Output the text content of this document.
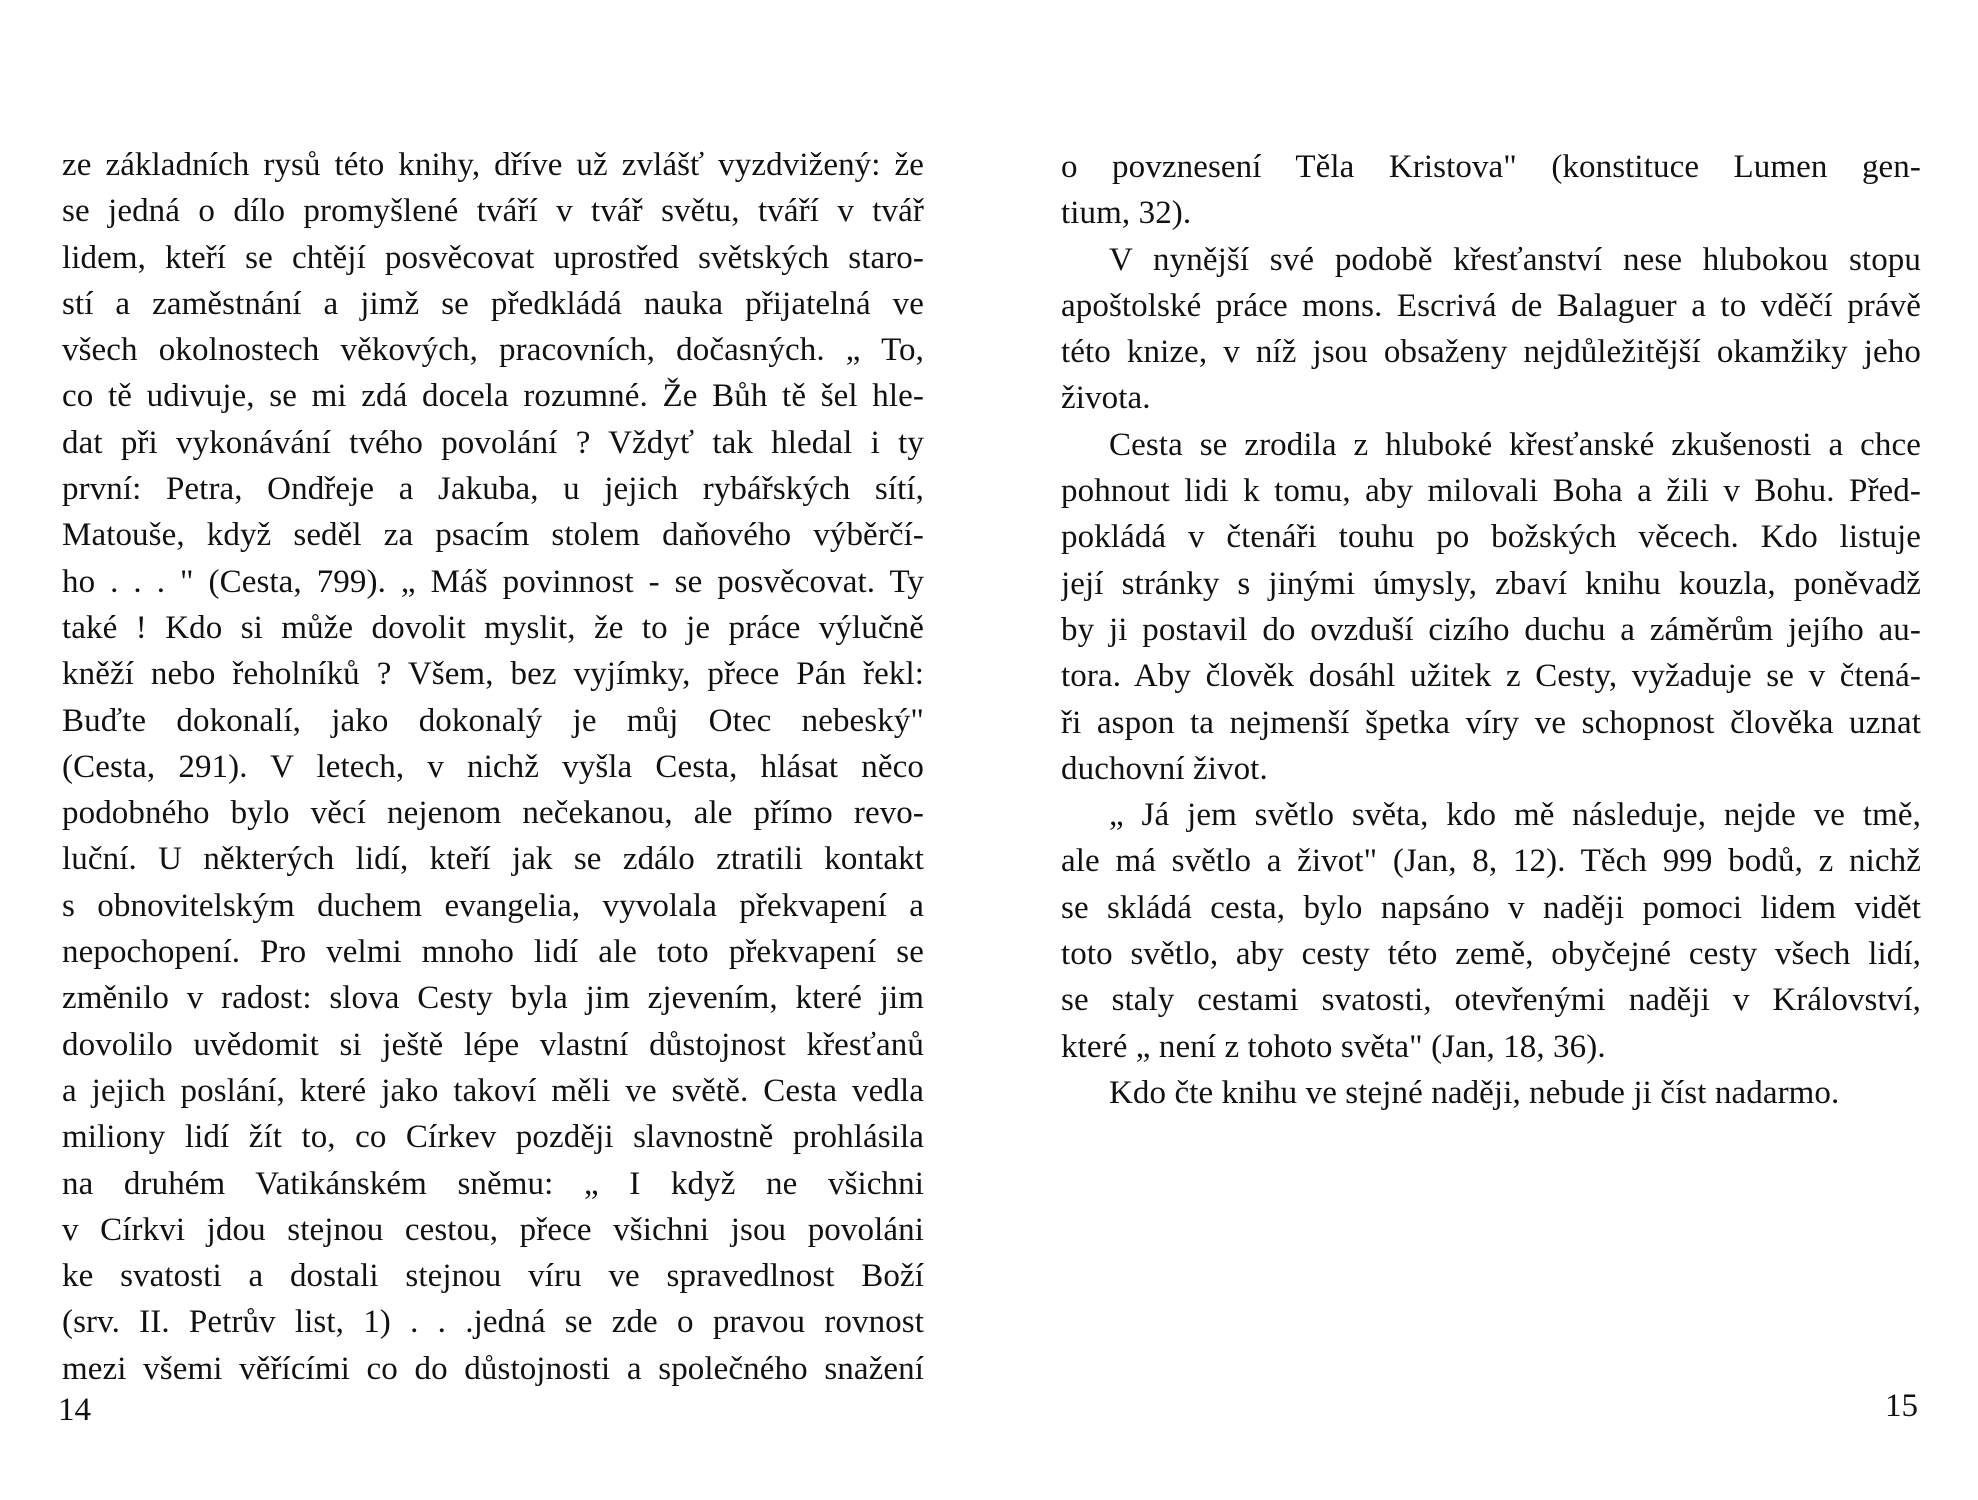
ze základních rysů této knihy, dříve už zvlášť vyzdvižený: že
se jedná o dílo promyšlené tváří v tvář světu, tváří v tvář
lidem, kteří se chtějí posvěcovat uprostřed světských staro-
stí a zaměstnání a jimž se předkládá nauka přijatelná ve
všech okolnostech věkových, pracovních, dočasných. „ To,
co tě udivuje, se mi zdá docela rozumné. Že Bůh tě šel hle-
dat při vykonávání tvého povolání ? Vždyť tak hledal i ty
první: Petra, Ondřeje a Jakuba, u jejich rybářských sítí,
Matouše, když seděl za psacím stolem daňového výběrčí-
ho . . . " (Cesta, 799). „ Máš povinnost - se posvěcovat. Ty
také ! Kdo si může dovolit myslit, že to je práce výlučně
kněží nebo řeholníků ? Všem, bez vyjímky, přece Pán řekl:
Buďte dokonalí, jako dokonalý je můj Otec nebeský"
(Cesta, 291). V letech, v nichž vyšla Cesta, hlásat něco
podobného bylo věcí nejenom nečekanou, ale přímo revo-
luční. U některých lidí, kteří jak se zdálo ztratili kontakt
s obnovitelským duchem evangelia, vyvolala překvapení a
nepochopení. Pro velmi mnoho lidí ale toto překvapení se
změnilo v radost: slova Cesty byla jim zjevením, které jim
dovolilo uvědomit si ještě lépe vlastní důstojnost křesťanů
a jejich poslání, které jako takoví měli ve světě. Cesta vedla
miliony lidí žít to, co Církev později slavnostně prohlásila
na druhém Vatikánském sněmu: „ I když ne všichni
v Církvi jdou stejnou cestou, přece všichni jsou povoláni
ke svatosti a dostali stejnou víru ve spravedlnost Boží
(srv. II. Petrův list, 1) . . .jedná se zde o pravou rovnost
mezi všemi věřícími co do důstojnosti a společného snažení
14
o povznesení Těla Kristova" (konstituce Lumen gen-
tium, 32).
V nynější své podobě křesťanství nese hlubokou stopu
apoštolské práce mons. Escrivá de Balaguer a to vděčí právě
této knize, v níž jsou obsaženy nejdůležitější okamžiky jeho
života.
Cesta se zrodila z hluboké křesťanské zkušenosti a chce
pohnout lidi k tomu, aby milovali Boha a žili v Bohu. Před-
pokládá v čtenáři touhu po božských věcech. Kdo listuje
její stránky s jinými úmysly, zbaví knihu kouzla, poněvadž
by ji postavil do ovzduší cizího duchu a záměrům jejího au-
tora. Aby člověk dosáhl užitek z Cesty, vyžaduje se v čtená-
ři aspon ta nejmenší špetka víry ve schopnost člověka uznat
duchovní život.
„ Já jem světlo světa, kdo mě následuje, nejde ve tmě,
ale má světlo a život" (Jan, 8, 12). Těch 999 bodů, z nichž
se skládá cesta, bylo napsáno v naději pomoci lidem vidět
toto světlo, aby cesty této země, obyčejné cesty všech lidí,
se staly cestami svatosti, otevřenými naději v Království,
které „ není z tohoto světa" (Jan, 18, 36).
Kdo čte knihu ve stejné naději, nebude ji číst nadarmo.
15
